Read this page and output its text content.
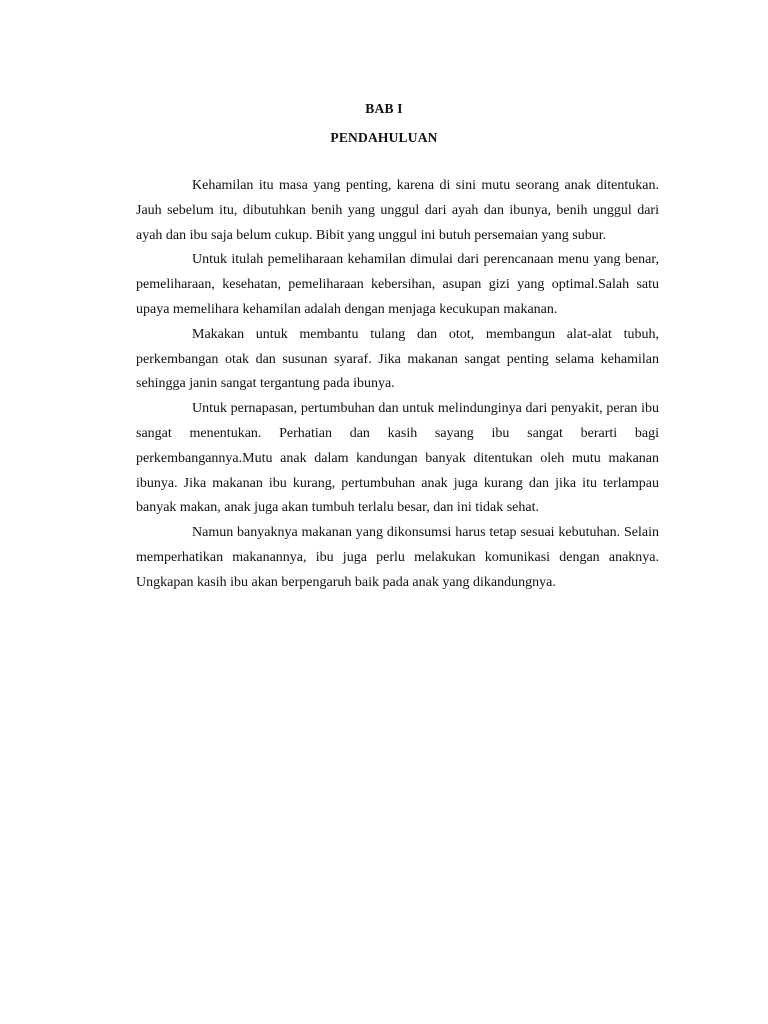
BAB I
PENDAHULUAN

Kehamilan itu masa yang penting, karena di sini mutu seorang anak ditentukan. Jauh sebelum itu, dibutuhkan benih yang unggul dari ayah dan ibunya, benih unggul dari ayah dan ibu saja belum cukup. Bibit yang unggul ini butuh persemaian yang subur.

Untuk itulah pemeliharaan kehamilan dimulai dari perencanaan menu yang benar, pemeliharaan, kesehatan, pemeliharaan kebersihan, asupan gizi yang optimal.Salah satu upaya memelihara kehamilan adalah dengan menjaga kecukupan makanan.

Makakan untuk membantu tulang dan otot, membangun alat-alat tubuh, perkembangan otak dan susunan syaraf. Jika makanan sangat penting selama kehamilan sehingga janin sangat tergantung pada ibunya.

Untuk pernapasan, pertumbuhan dan untuk melindunginya dari penyakit, peran ibu sangat menentukan. Perhatian dan kasih sayang ibu sangat berarti bagi perkembangannya.Mutu anak dalam kandungan banyak ditentukan oleh mutu makanan ibunya. Jika makanan ibu kurang, pertumbuhan anak juga kurang dan jika itu terlampau banyak makan, anak juga akan tumbuh terlalu besar, dan ini tidak sehat.

Namun banyaknya makanan yang dikonsumsi harus tetap sesuai kebutuhan. Selain memperhatikan makanannya, ibu juga perlu melakukan komunikasi dengan anaknya. Ungkapan kasih ibu akan berpengaruh baik pada anak yang dikandungnya.
